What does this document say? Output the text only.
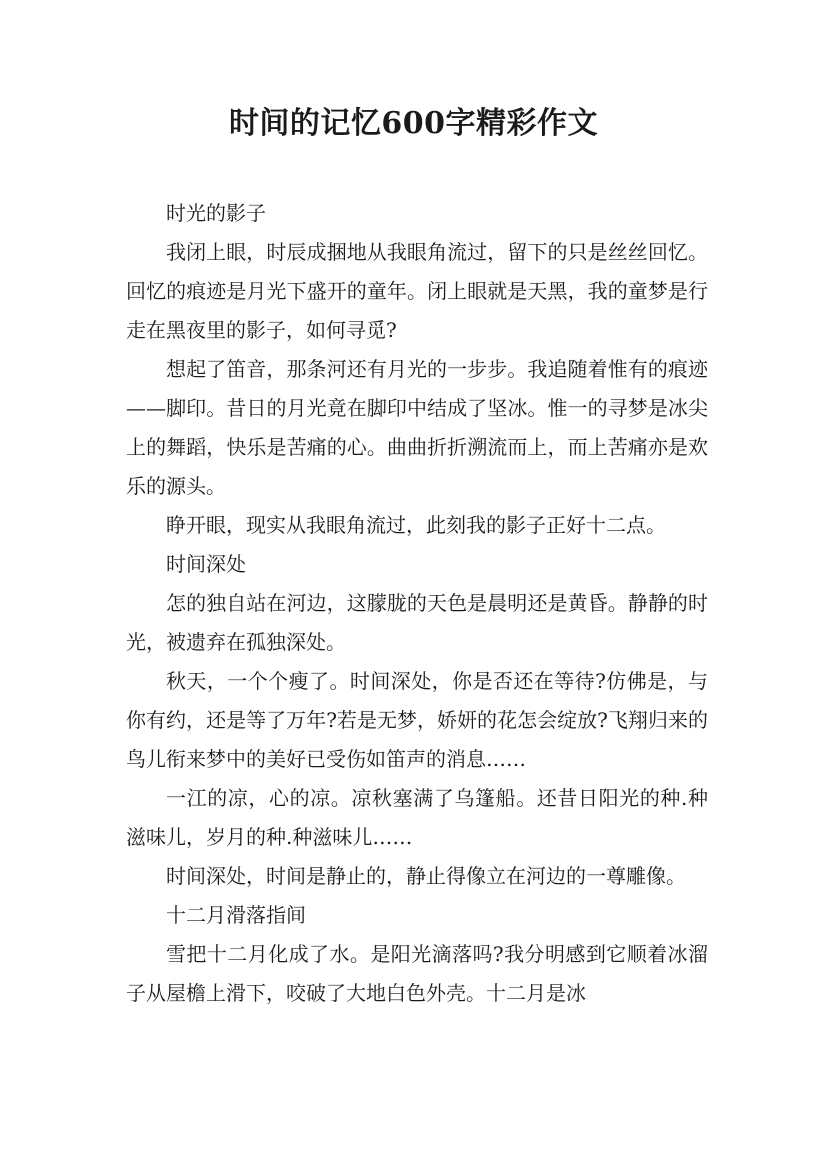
时间的记忆600字精彩作文

时光的影子

我闭上眼，时辰成捆地从我眼角流过，留下的只是丝丝回忆。回忆的痕迹是月光下盛开的童年。闭上眼就是天黑，我的童梦是行走在黑夜里的影子，如何寻觅?

想起了笛音，那条河还有月光的一步步。我追随着惟有的痕迹——脚印。昔日的月光竟在脚印中结成了坚冰。惟一的寻梦是冰尖上的舞蹈，快乐是苦痛的心。曲曲折折溯流而上，而上苦痛亦是欢乐的源头。

睁开眼，现实从我眼角流过，此刻我的影子正好十二点。

时间深处

怎的独自站在河边，这朦胧的天色是晨明还是黄昏。静静的时光，被遗弃在孤独深处。

秋天，一个个瘦了。时间深处，你是否还在等待?仿佛是，与你有约，还是等了万年?若是无梦，娇妍的花怎会绽放?飞翔归来的鸟儿衔来梦中的美好已受伤如笛声的消息……

一江的凉，心的凉。凉秋塞满了乌篷船。还昔日阳光的种.种滋味儿，岁月的种.种滋味儿……

时间深处，时间是静止的，静止得像立在河边的一尊雕像。

十二月滑落指间

雪把十二月化成了水。是阳光滴落吗?我分明感到它顺着冰溜子从屋檐上滑下，咬破了大地白色外壳。十二月是冰
